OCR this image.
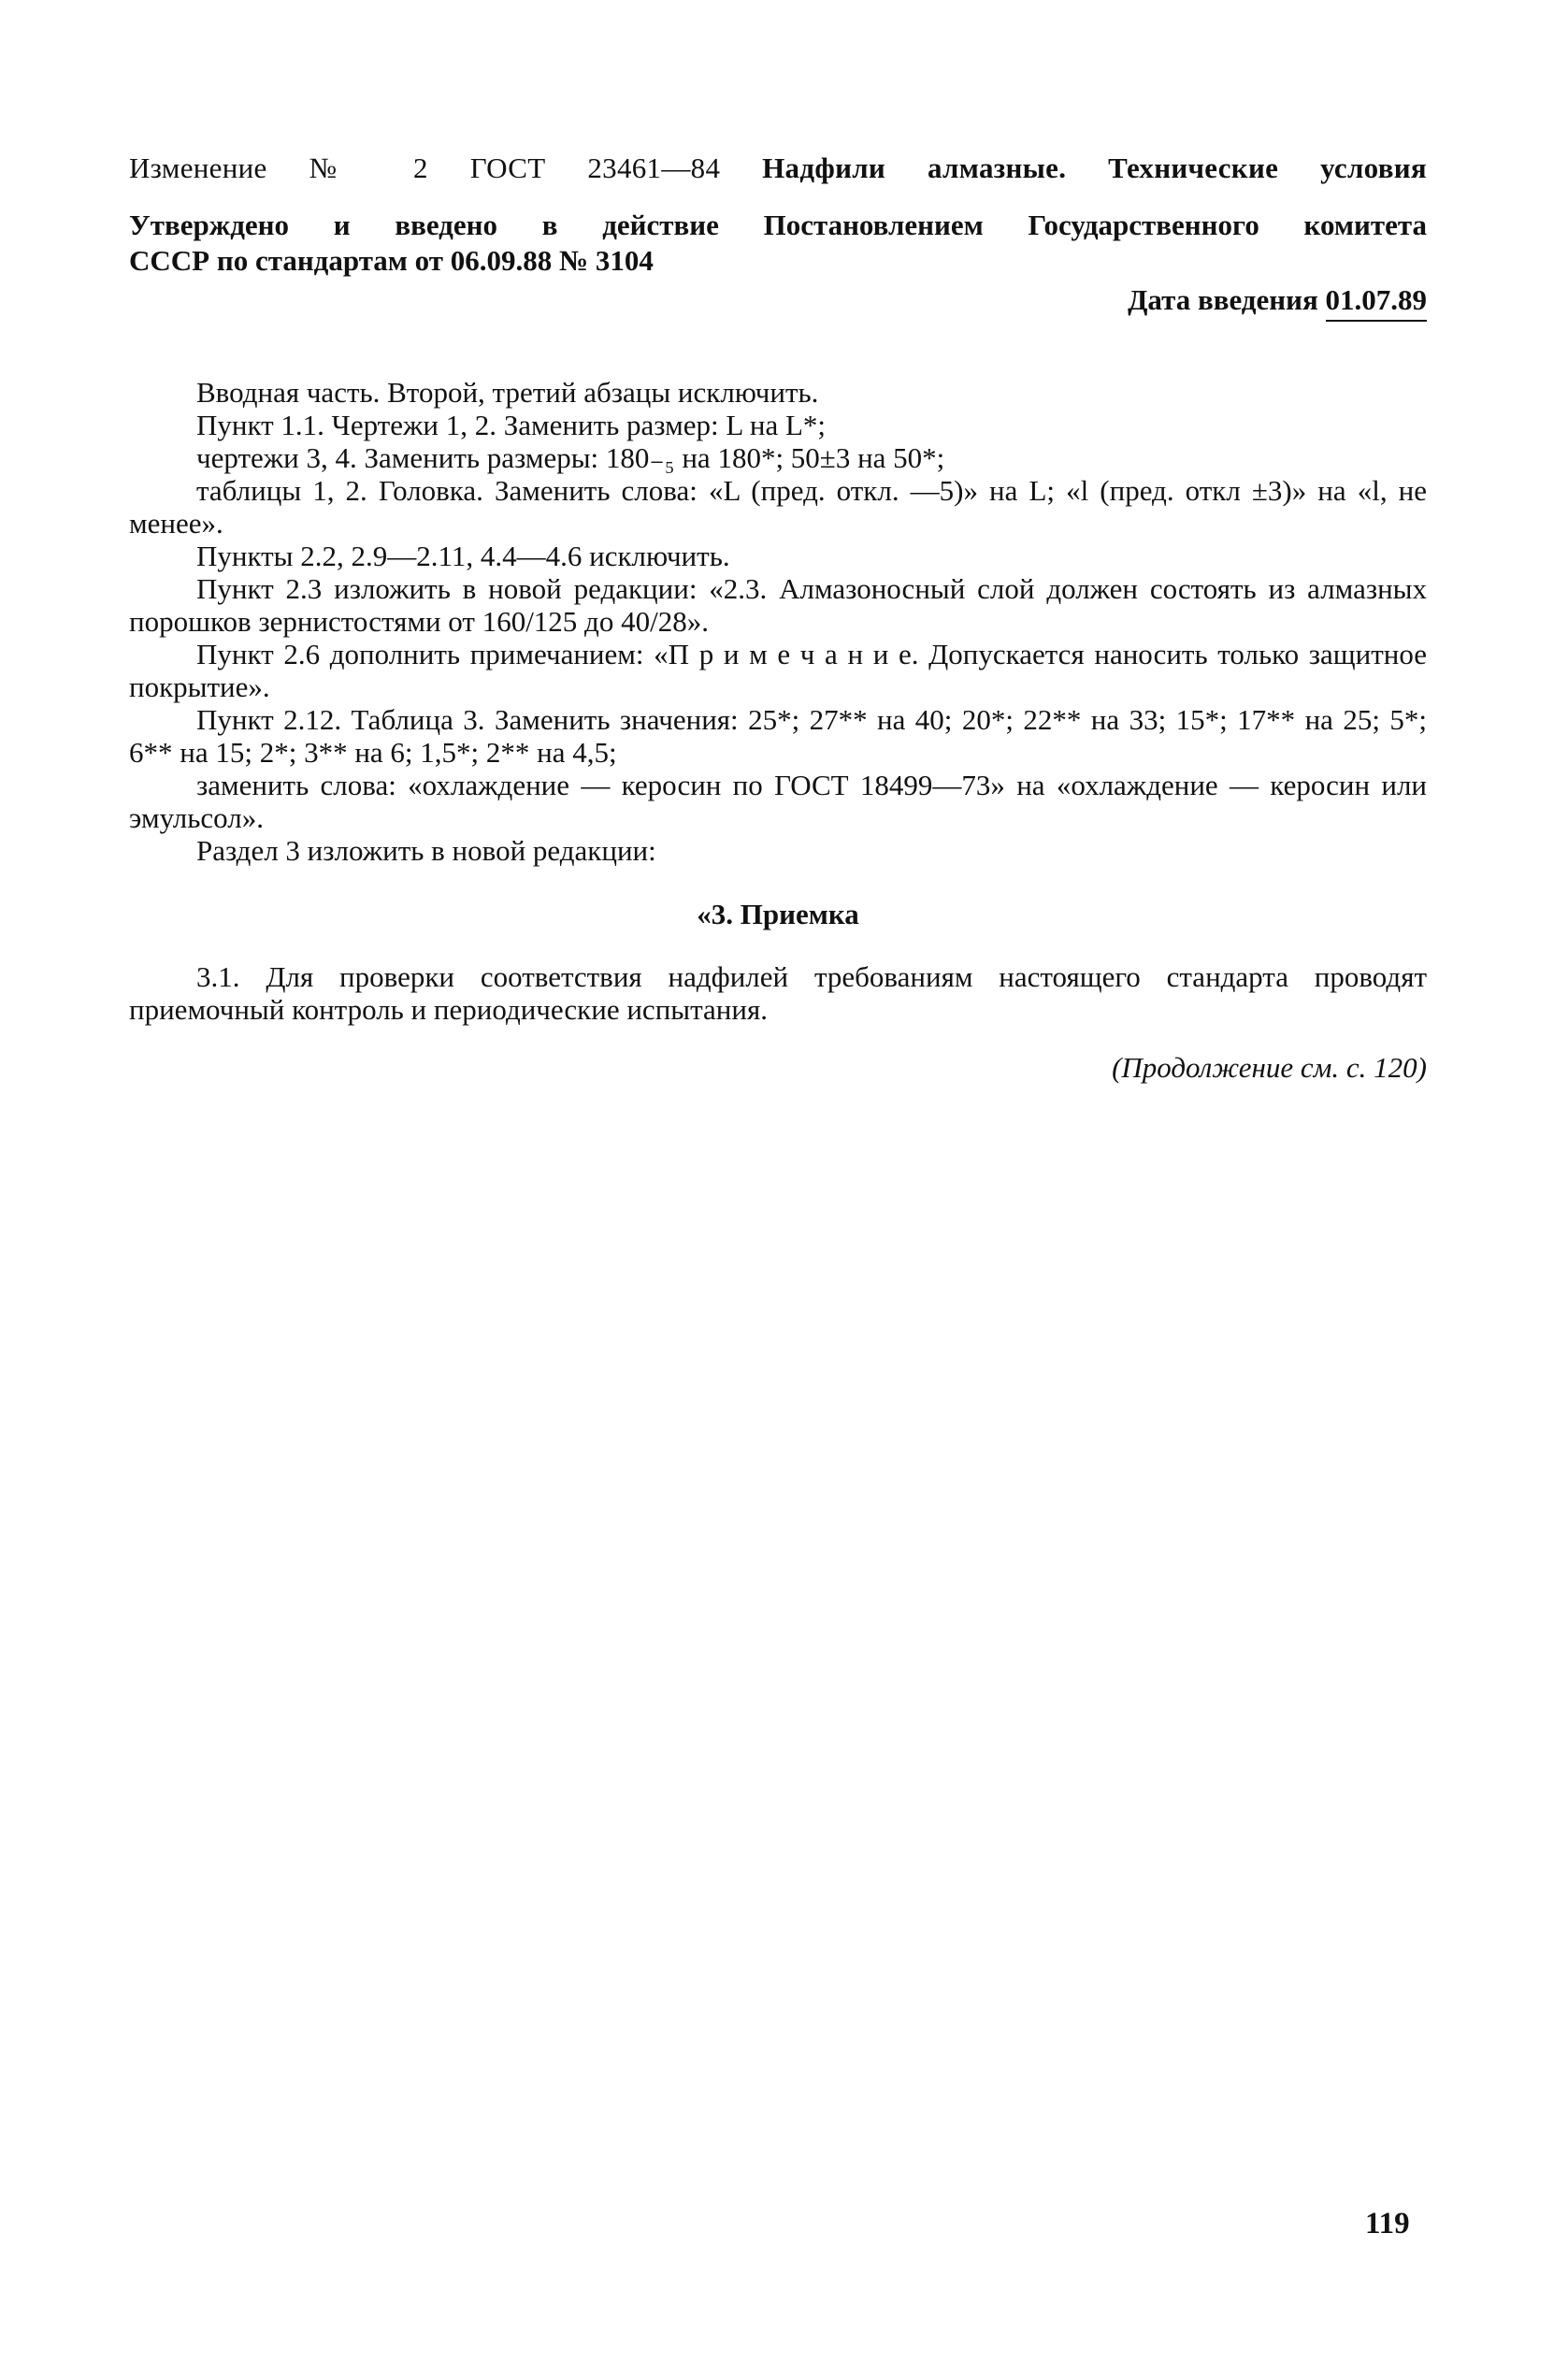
Изменение № 2 ГОСТ 23461—84 Надфили алмазные. Технические условия
Утверждено и введено в действие Постановлением Государственного комитета
СССР по стандартам от 06.09.88 № 3104
Дата введения 01.07.89

Вводная часть. Второй, третий абзацы исключить.

Пункт 1.1. Чертежи 1, 2. Заменить размер: L на L*;

чертежи 3, 4. Заменить размеры: 180₋₅ на 180*; 50±3 на 50*;

таблицы 1, 2. Головка. Заменить слова: «L (пред. откл. —5)» на L; «l (пред. откл ±3)» на «l, не менее».

Пункты 2.2, 2.9—2.11, 4.4—4.6 исключить.

Пункт 2.3 изложить в новой редакции: «2.3. Алмазоносный слой должен состоять из алмазных порошков зернистостями от 160/125 до 40/28».

Пункт 2.6 дополнить примечанием: «П р и м е ч а н и е. Допускается наносить только защитное покрытие».

Пункт 2.12. Таблица 3. Заменить значения: 25*; 27** на 40; 20*; 22** на 33; 15*; 17** на 25; 5*; 6** на 15; 2*; 3** на 6; 1,5*; 2** на 4,5;

заменить слова: «охлаждение — керосин по ГОСТ 18499—73» на «охлаждение — керосин или эмульсол».

Раздел 3 изложить в новой редакции:

«3. Приемка

3.1. Для проверки соответствия надфилей требованиям настоящего стандарта проводят приемочный контроль и периодические испытания.

(Продолжение см. с. 120)
119
